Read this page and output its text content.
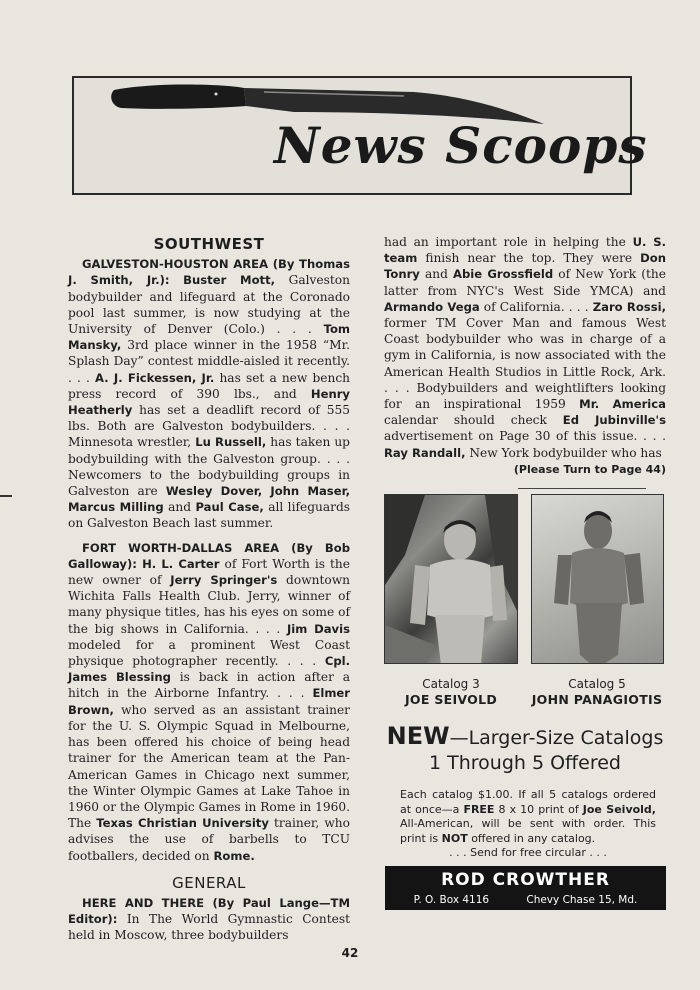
News Scoops
SOUTHWEST

GALVESTON-HOUSTON AREA (By Thomas J. Smith, Jr.): Buster Mott, Galveston bodybuilder and lifeguard at the Coronado pool last summer, is now studying at the University of Denver (Colo.) . . . Tom Mansky, 3rd place winner in the 1958 “Mr. Splash Day” contest middle-aisled it recently. . . . A. J. Fickessen, Jr. has set a new bench press record of 390 lbs., and Henry Heatherly has set a deadlift record of 555 lbs. Both are Galveston bodybuilders. . . . Minnesota wrestler, Lu Russell, has taken up bodybuilding with the Galveston group. . . . Newcomers to the bodybuilding groups in Galveston are Wesley Dover, John Maser, Marcus Milling and Paul Case, all lifeguards on Galveston Beach last summer.

FORT WORTH-DALLAS AREA (By Bob Galloway): H. L. Carter of Fort Worth is the new owner of Jerry Springer's downtown Wichita Falls Health Club. Jerry, winner of many physique titles, has his eyes on some of the big shows in California. . . . Jim Davis modeled for a prominent West Coast physique photographer recently. . . . Cpl. James Blessing is back in action after a hitch in the Airborne Infantry. . . . Elmer Brown, who served as an assistant trainer for the U. S. Olympic Squad in Melbourne, has been offered his choice of being head trainer for the American team at the Pan-American Games in Chicago next summer, the Winter Olympic Games at Lake Tahoe in 1960 or the Olympic Games in Rome in 1960. The Texas Christian University trainer, who advises the use of barbells to TCU footballers, decided on Rome.

GENERAL

HERE AND THERE (By Paul Lange—TM Editor): In The World Gymnastic Contest held in Moscow, three bodybuilders

had an important role in helping the U. S. team finish near the top. They were Don Tonry and Abie Grossfield of New York (the latter from NYC's West Side YMCA) and Armando Vega of California. . . . Zaro Rossi, former TM Cover Man and famous West Coast bodybuilder who was in charge of a gym in California, is now associated with the American Health Studios in Little Rock, Ark. . . . Bodybuilders and weightlifters looking for an inspirational 1959 Mr. America calendar should check Ed Jubinville's advertisement on Page 30 of this issue. . . . Ray Randall, New York bodybuilder who has

(Please Turn to Page 44)

Catalog 3
JOE SEIVOLD
Catalog 5
JOHN PANAGIOTIS
NEW—Larger-Size Catalogs
1 Through 5 Offered
Each catalog $1.00. If all 5 catalogs ordered at once—a FREE 8 x 10 print of Joe Seivold, All-American, will be sent with order. This print is NOT offered in any catalog.
. . . Send for free circular . . .
ROD CROWTHER
P. O. Box 4116	Chevy Chase 15, Md.
42
